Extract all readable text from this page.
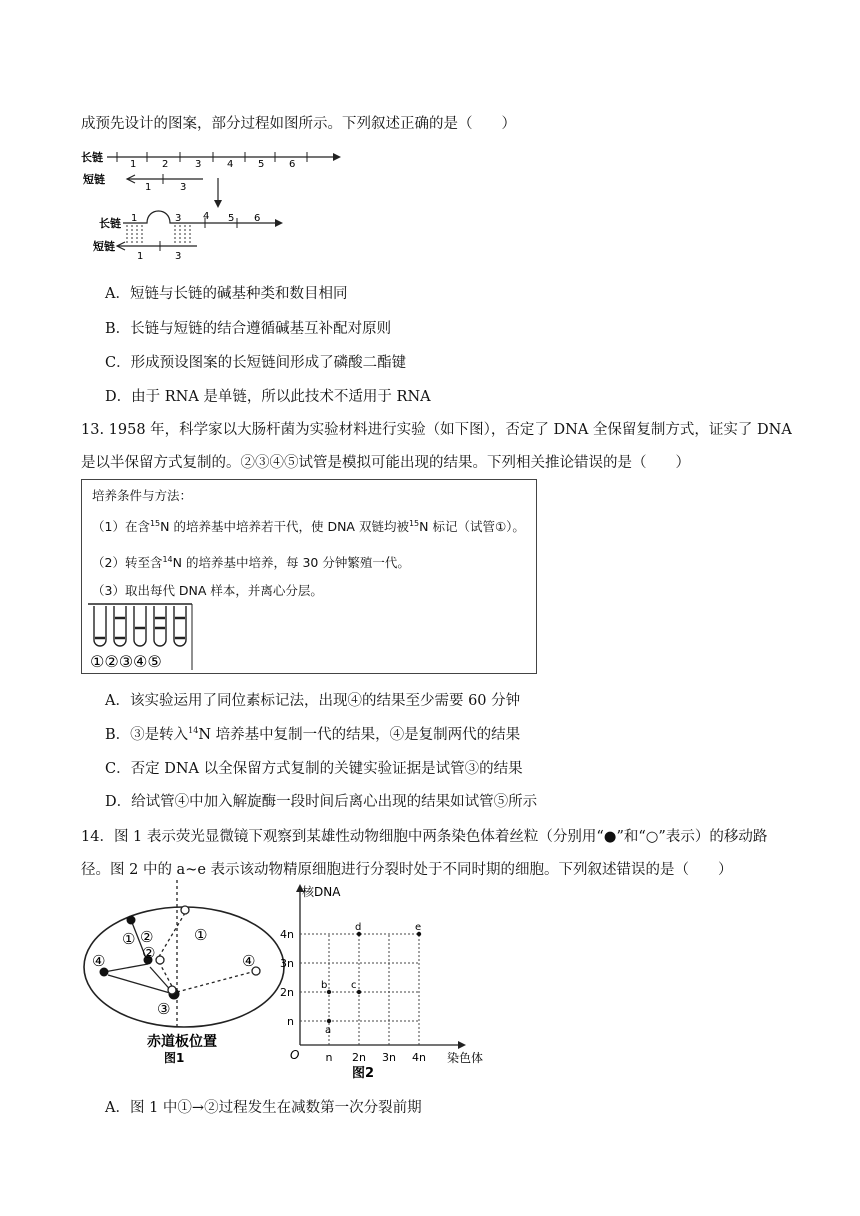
成预先设计的图案，部分过程如图所示。下列叙述正确的是（　　）
长链
1	2	3	4 5 6
短链
1	3
长链 1	3 4 5 6
短链
1	3
A．短链与长链的碱基种类和数目相同
B．长链与短链的结合遵循碱基互补配对原则
C．形成预设图案的长短链间形成了磷酸二酯键
D．由于 RNA 是单链，所以此技术不适用于 RNA
13. 1958 年，科学家以大肠杆菌为实验材料进行实验（如下图），否定了 DNA 全保留复制方式，证实了 DNA
是以半保留方式复制的。②③④⑤试管是模拟可能出现的结果。下列相关推论错误的是（　　）
培养条件与方法：
（1）在含$^{15}$N 的培养基中培养若干代，使 DNA 双链均被$^{15}$N 标记（试管①）。
（2）转至含$^{14}$N 的培养基中培养，每 30 分钟繁殖一代。
（3）取出每代 DNA 样本，并离心分层。
①②③④⑤
A．该实验运用了同位素标记法，出现④的结果至少需要 60 分钟
B．③是转入$^{14}$N 培养基中复制一代的结果，④是复制两代的结果
C．否定 DNA 以全保留方式复制的关键实验证据是试管③的结果
D．给试管④中加入解旋酶一段时间后离心出现的结果如试管⑤所示
14．图 1 表示荧光显微镜下观察到某雄性动物细胞中两条染色体着丝粒（分别用“●”和“○”表示）的移动路
径。图 2 中的 a~e 表示该动物精原细胞进行分裂时处于不同时期的细胞。下列叙述错误的是（　　）
①
②
③
④
②	①
④
赤道板位置
图1
核DNA
染色体
O
n
2n
3n
4n
n 2n 3n 4n
a
b c
d	e
图2
A．图 1 中①→②过程发生在减数第一次分裂前期
